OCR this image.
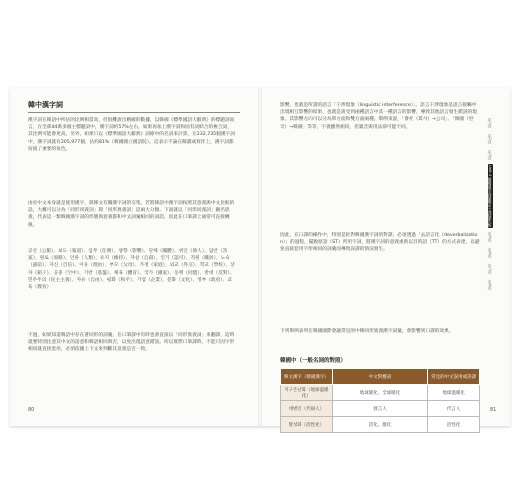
韓中漢字詞

漢字詞在韓語中所佔的比例相當高，但很難說出精確的數據，以韓國《標準國語大辭典》的標題詞而言，在全部44萬多個主標題詞中，漢字詞約57%左右，如果再加上漢字詞和固有詞結合的複合詞，其比例可能會更高。另外，如果只以《標準國語大辭典》詞條中的名詞來計算，在232,735個漢字詞中，漢字詞就有205,977個，佔約81%（韓國國立國語院）。這表示不論在閱讀或寫作上，漢字詞都扮演了重要的角色。

由於中文本身就是使用漢字，與韓文有關漢字詞的交集，若將韓語中漢字詞按照其意義與中文比較的話，大概可以分為「同形同義詞」與「同形異義詞」這兩大分類。下面就以「同形同義詞」顯名思義，代表這一類韓國漢字詞的形態與意義都和中文詞彙相同的詞語，因此在口筆譯上通常可直接轉換。

공산（公館）、보도（報道）、입무（任務）、양향（影響）、단체（團體）、위인（偉人）、답안（答案）、원로（原路）、인류（人類）、유지（維持）、자살（自殺）、인기（認可）、직원（職員）、노숙（露宿）、자신（自信）、이유（理由）、부모（父母）、가정（家庭）、외교（外交）、학교（學校）、상자（箱子）、공중（空中）、기반（基盤）、체육（體育）、국가（國家）、동맹（同盟）、반대（反對）、민주주의（民主主義）、자유（自由）、평화（和平）、기업（企業）、문화（文化）、정부（政府）、교육（教育）

不過，如果知道韓語中存在著同形的詞彙，在口筆譯中有時也會直接以「同形異義詞」來翻譯，這時就要特別注意其中文的語意和韓語相同與否，以免出現語意錯誤。所以實際口筆譯時，不能只因字形相同就直接套用，必須依據上下文來判斷其意義是否一致。

80

影響，也就是所謂的語言「干涉現象（linguistic interference）」。語言干涉現象是語言接觸中出現相互影響的結果，也就是說受到兩種語言中其一種語言的影響，導致其他語言發生錯誤的現象。其影響方向可以分為單方面和雙方面兩種。舉例來說，「會社（회사）→公司」、「韓國（한국）→韓國」等等，字義雖然相同，但讀音與用法卻可能不同。

因此，在口譯的操作中，特別是針對韓國漢字詞的對譯，必須透過「去語言化（deverbalization）」的過程，擺脫原語（ST）所用字詞，將漢字詞的意義重新以目的語（TT）的方式表達，以避免直接套用字形相同的詞彙而導致誤譯的情況發生。

下列舉例表列在韓國國際會議常見的中韓同形異義漢字詞彙，會影響到口譯的效果。

韓國中（一般名詞的對照）
韓文漢字（韓國漢字）	中文對應詞	常見的中文誤用或誤譯
지구온난화（地球溫暖化）	地球暖化、全球暖化	地球溫暖化
대변인（代辯人）	發言人	代言人
활성화（活性化）	活化、激化	活性化
81
第1課
第2課
第3課
Unit 4 韓國漢字詞彙與中文詞彙比較
第5課
第6課
第7課
第8課
